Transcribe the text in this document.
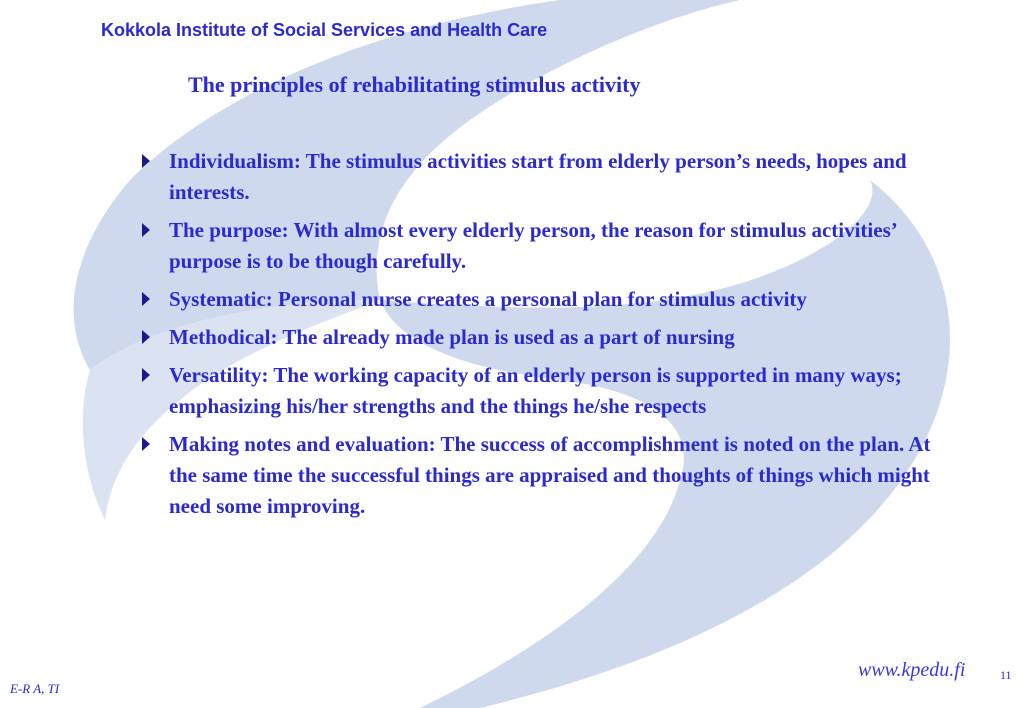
Kokkola Institute of Social Services and Health Care
The principles of rehabilitating stimulus activity
Individualism: The stimulus activities start from elderly person’s needs, hopes and interests.
The purpose: With almost every elderly person, the reason for stimulus activities’ purpose is to be though carefully.
Systematic: Personal nurse creates a personal plan for stimulus activity
Methodical: The already made plan is used as a part of nursing
Versatility: The working capacity of an elderly person is supported in many ways; emphasizing his/her strengths and the things he/she respects
Making notes and evaluation: The success of accomplishment is noted on the plan. At the same time the successful things are appraised and thoughts of things which might need some improving.
E-R A, TI
www.kpedu.fi	11
